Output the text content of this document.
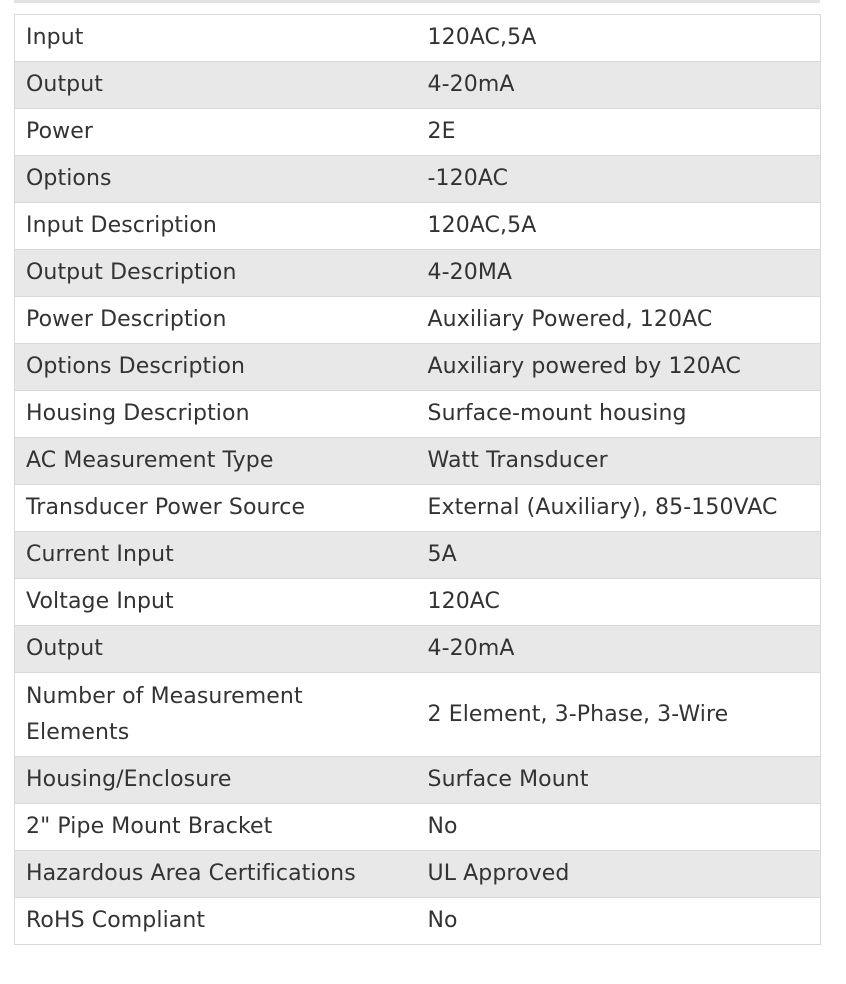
Input	120AC,5A
Output	4-20mA
Power	2E
Options	-120AC
Input Description	120AC,5A
Output Description	4-20MA
Power Description	Auxiliary Powered, 120AC
Options Description	Auxiliary powered by 120AC
Housing Description	Surface-mount housing
AC Measurement Type	Watt Transducer
Transducer Power Source	External (Auxiliary), 85-150VAC
Current Input	5A
Voltage Input	120AC
Output	4-20mA
Number of Measurement Elements	2 Element, 3-Phase, 3-Wire
Housing/Enclosure	Surface Mount
2" Pipe Mount Bracket	No
Hazardous Area Certifications	UL Approved
RoHS Compliant	No
